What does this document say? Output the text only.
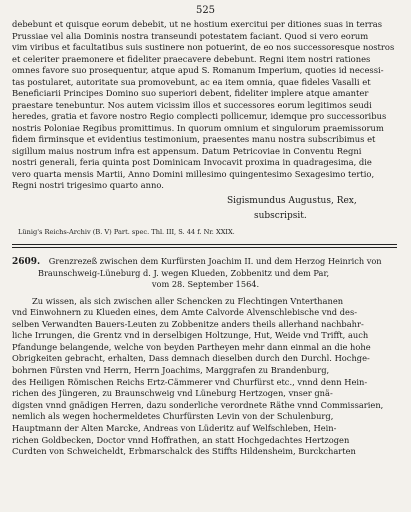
525
debebunt et quisque eorum debebit, ut ne hostium exercitui per ditiones suas in terras
Prussiae vel alia Dominis nostra transeundi potestatem faciant. Quod si vero eorum
vim viribus et facultatibus suis sustinere non potuerint, de eo nos successoresque nostros
et celeriter praemonere et fideliter praecavere debebunt. Regni item nostri rationes
omnes favore suo prosequentur, atque apud S. Romanum Imperium, quoties id necessi-
tas postularet, autoritate sua promovebunt, ac ea item omnia, quae fideles Vasalli et
Beneficiarii Principes Domino suo superiori debent, fideliter implere atque amanter
praestare tenebuntur. Nos autem vicissim illos et successores eorum legitimos seudi
heredes, gratia et favore nostro Regio complecti pollicemur, idemque pro successoribus
nostris Poloniae Regibus promittimus. In quorum omnium et singulorum praemissorum
fidem firminsque et evidentius testimonium, praesentes manu nostra subscribimus et
sigillum maius nostrum infra est appensum. Datum Petricoviae in Conventu Regni
nostri generali, feria quinta post Dominicam Invocavit proxima in quadragesima, die
vero quarta mensis Martii, Anno Domini millesimo quingentesimo Sexagesimo tertio,
Regni nostri trigesimo quarto anno.
Sigismundus Augustus, Rex,
subscripsit.
Lünig's Reichs-Archiv (B. V) Part. spec. Thl. III, S. 44 f. Nr. XXIX.
2609. Grenzrezeß zwischen dem Kurfürsten Joachim II. und dem Herzog Heinrich von
Braunschweig-Lüneburg d. J. wegen Klueden, Zobbenitz und dem Par,
vom 28. September 1564.
Zu wissen, als sich zwischen aller Schencken zu Flechtingen Vnterthanen
vnd Einwohnern zu Klueden eines, dem Amte Calvorde Alvenschlebische vnd des-
selben Verwandten Bauers-Leuten zu Zobbenitze anders theils allerhand nachbahr-
liche Irrungen, die Grentz vnd in derselbigen Holtzunge, Hut, Weide vnd Trifft, auch
Pfandunge belangende, welche von beyden Partheyen mehr dann einmal an die hohe
Obrigkeiten gebracht, erhalten, Dass demnach dieselben durch den Durchl. Hochge-
bohrnen Fürsten vnd Herrn, Herrn Joachims, Marggrafen zu Brandenburg,
des Heiligen Römischen Reichs Ertz-Cämmerer vnd Churfürst etc., vnnd denn Hein-
richen des Jüngeren, zu Braunschweig vnd Lüneburg Hertzogen, vnser gnä-
digsten vnnd gnädigen Herren, dazu sonderliche verordnete Räthe vnnd Commissarien,
nemlich als wegen hochermeldetes Churfürsten Levin von der Schulenburg,
Hauptmann der Alten Marcke, Andreas von Lüderitz auf Welfschleben, Hein-
richen Goldbecken, Doctor vnnd Hoffrathen, an statt Hochgedachtes Hertzogen
Curdten von Schweicheldt, Erbmarschalck des Stiffts Hildensheim, Burckcharten
